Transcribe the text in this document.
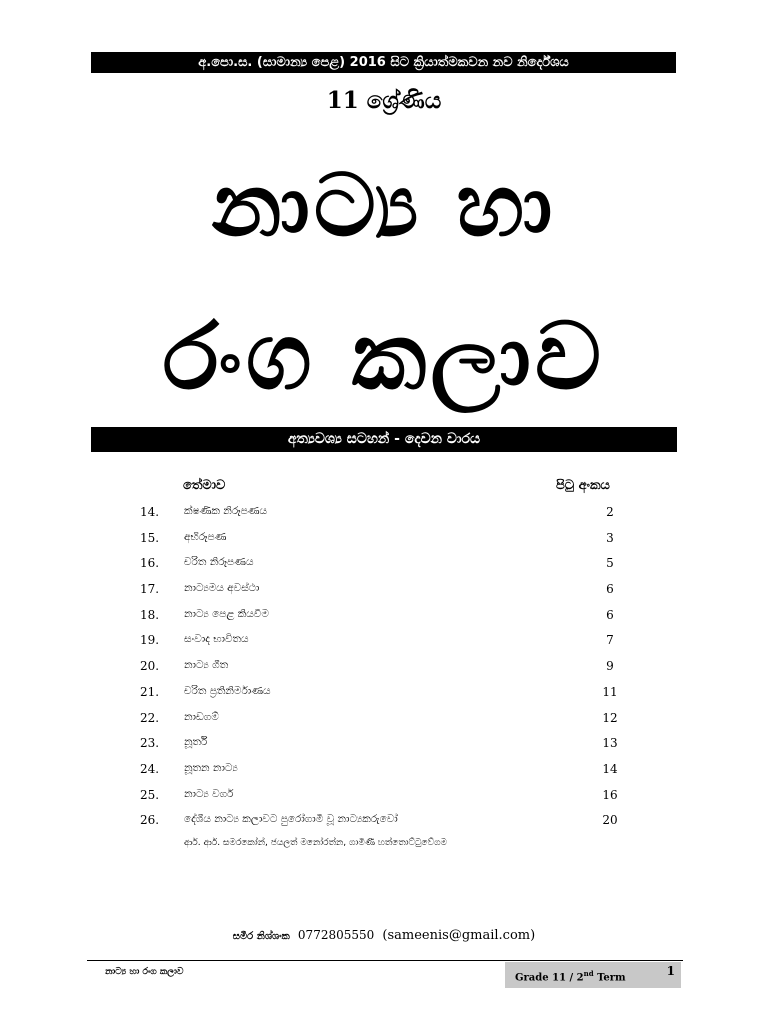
අ.පො.ස. (සාමාන්‍ය පෙළ) 2016 සිට ක්‍රියාත්මකවන නව නිර්දේශය
11 ශ්‍රේණිය
නාට්‍ය හා
රංග කලාව
අත්‍යවශ්‍ය සටහන් - දෙවන වාරය
තේමාව	පිටු අංකය
14. ක්ෂණික නිරූපණය	2
15. අභිරූපණ	3
16. චරිත නිරූපණය	5
17. නාට්‍යමය අවස්ථා	6
18. නාට්‍ය පෙළ කියවීම	6
19. සංවාද භාවිතය	7
20. නාට්‍ය ගීත	9
21. චරිත ප්‍රතිනිර්මාණය	11
22. නාඩගම්	12
23. නූර්ති	13
24. නූතන නාට්‍ය	14
25. නාට්‍ය වර්ග	16
26. දේශීය නාට්‍ය කලාවට පුරෝගාමී වූ නාට්‍යකරුවෝ	20
ආර්. ආර්. සමරකෝන්, ජයලත් මනෝරත්න, ගාමිණී හත්තොට්ටුවේගම
සමීර නිශ්ශංක 0772805550 (sameenis@gmail.com)
නාට්‍ය හා රංග කලාව
Grade 11 / 2nd Term	1
